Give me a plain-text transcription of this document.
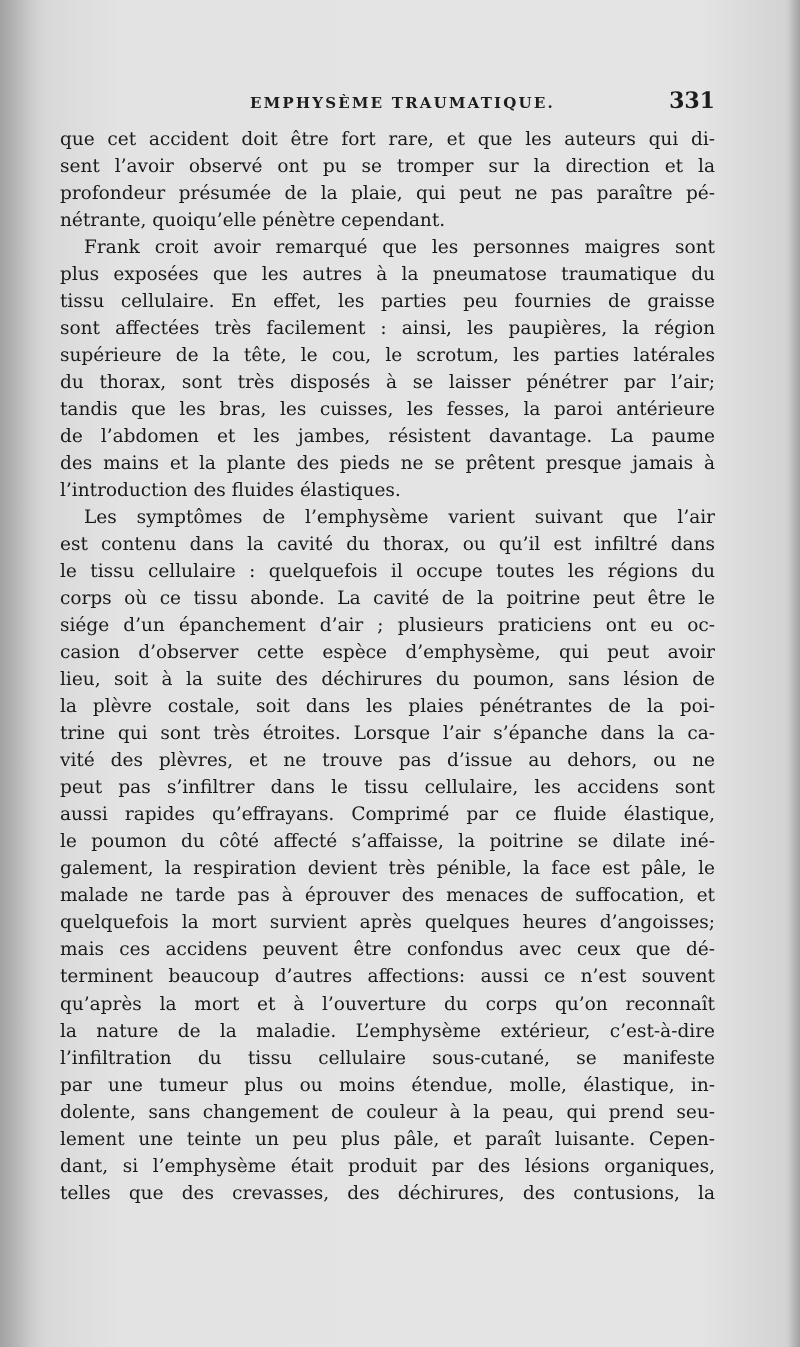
EMPHYSÈME TRAUMATIQUE.	331
que cet accident doit être fort rare, et que les auteurs qui di-
sent l’avoir observé ont pu se tromper sur la direction et la
profondeur présumée de la plaie, qui peut ne pas paraître pé-
nétrante, quoiqu’elle pénètre cependant.
Frank croit avoir remarqué que les personnes maigres sont
plus exposées que les autres à la pneumatose traumatique du
tissu cellulaire. En effet, les parties peu fournies de graisse
sont affectées très facilement : ainsi, les paupières, la région
supérieure de la tête, le cou, le scrotum, les parties latérales
du thorax, sont très disposés à se laisser pénétrer par l’air;
tandis que les bras, les cuisses, les fesses, la paroi antérieure
de l’abdomen et les jambes, résistent davantage. La paume
des mains et la plante des pieds ne se prêtent presque jamais à
l’introduction des fluides élastiques.
Les symptômes de l’emphysème varient suivant que l’air
est contenu dans la cavité du thorax, ou qu’il est infiltré dans
le tissu cellulaire : quelquefois il occupe toutes les régions du
corps où ce tissu abonde. La cavité de la poitrine peut être le
siége d’un épanchement d’air ; plusieurs praticiens ont eu oc-
casion d’observer cette espèce d’emphysème, qui peut avoir
lieu, soit à la suite des déchirures du poumon, sans lésion de
la plèvre costale, soit dans les plaies pénétrantes de la poi-
trine qui sont très étroites. Lorsque l’air s’épanche dans la ca-
vité des plèvres, et ne trouve pas d’issue au dehors, ou ne
peut pas s’infiltrer dans le tissu cellulaire, les accidens sont
aussi rapides qu’effrayans. Comprimé par ce fluide élastique,
le poumon du côté affecté s’affaisse, la poitrine se dilate iné-
galement, la respiration devient très pénible, la face est pâle, le
malade ne tarde pas à éprouver des menaces de suffocation, et
quelquefois la mort survient après quelques heures d’angoisses;
mais ces accidens peuvent être confondus avec ceux que dé-
terminent beaucoup d’autres affections: aussi ce n’est souvent
qu’après la mort et à l’ouverture du corps qu’on reconnaît
la nature de la maladie. L’emphysème extérieur, c’est-à-dire
l’infiltration du tissu cellulaire sous-cutané, se manifeste
par une tumeur plus ou moins étendue, molle, élastique, in-
dolente, sans changement de couleur à la peau, qui prend seu-
lement une teinte un peu plus pâle, et paraît luisante. Cepen-
dant, si l’emphysème était produit par des lésions organiques,
telles que des crevasses, des déchirures, des contusions, la
